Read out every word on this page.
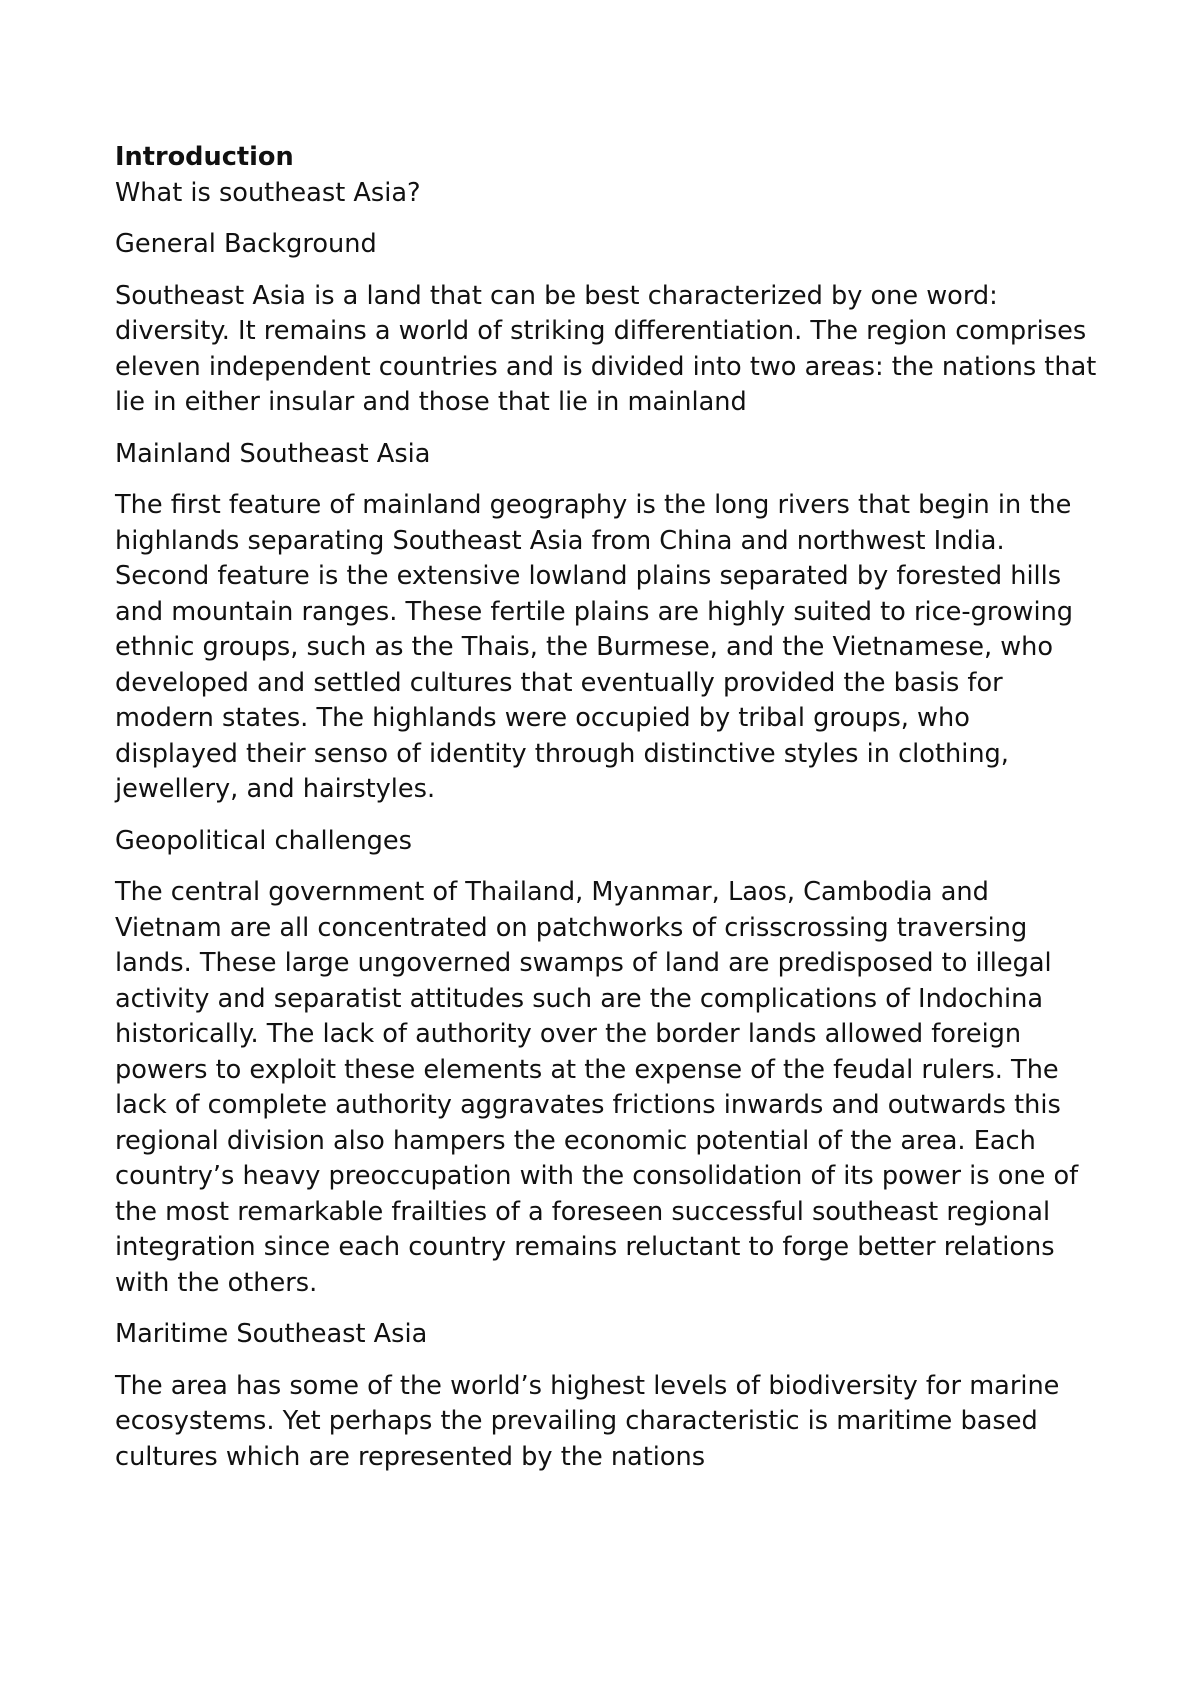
Introduction

What is southeast Asia?

General Background

Southeast Asia is a land that can be best characterized by one word: diversity. It remains a world of striking differentiation. The region comprises eleven independent countries and is divided into two areas: the nations that lie in either insular and those that lie in mainland

Mainland Southeast Asia

The first feature of mainland geography is the long rivers that begin in the highlands separating Southeast Asia from China and northwest India. Second feature is the extensive lowland plains separated by forested hills and mountain ranges. These fertile plains are highly suited to rice-growing ethnic groups, such as the Thais, the Burmese, and the Vietnamese, who developed and settled cultures that eventually provided the basis for modern states. The highlands were occupied by tribal groups, who displayed their senso of identity through distinctive styles in clothing, jewellery, and hairstyles.

Geopolitical challenges

The central government of Thailand, Myanmar, Laos, Cambodia and Vietnam are all concentrated on patchworks of crisscrossing traversing lands. These large ungoverned swamps of land are predisposed to illegal activity and separatist attitudes such are the complications of Indochina historically. The lack of authority over the border lands allowed foreign powers to exploit these elements at the expense of the feudal rulers. The lack of complete authority aggravates frictions inwards and outwards this regional division also hampers the economic potential of the area. Each country’s heavy preoccupation with the consolidation of its power is one of the most remarkable frailties of a foreseen successful southeast regional integration since each country remains reluctant to forge better relations with the others.

Maritime Southeast Asia

The area has some of the world’s highest levels of biodiversity for marine ecosystems. Yet perhaps the prevailing characteristic is maritime based cultures which are represented by the nations
